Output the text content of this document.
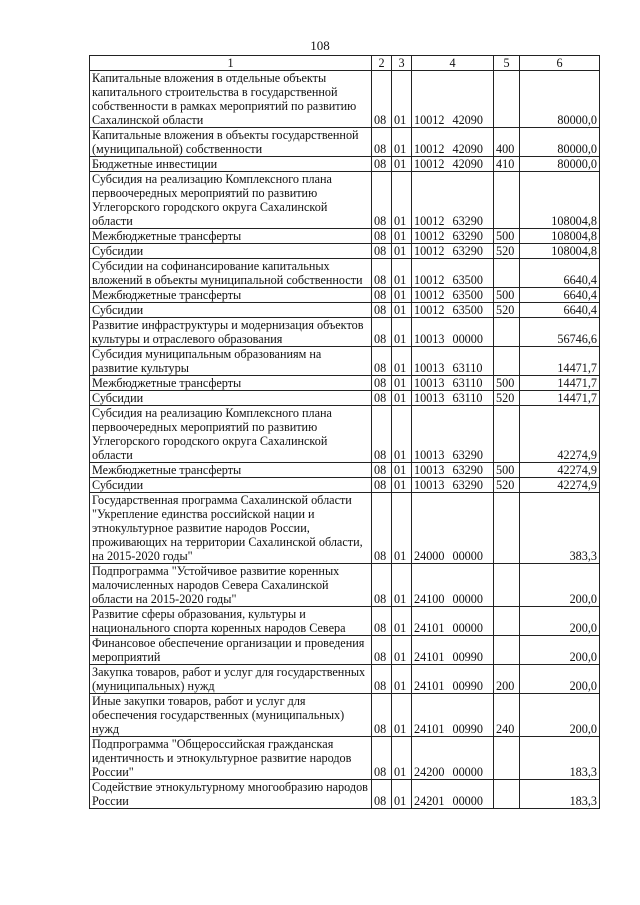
108
1	2	3	4	5	6
Капитальные вложения в отдельные объекты капитального строительства в государственной собственности в рамках мероприятий по развитию Сахалинской области	08	01	10012 42090		80000,0
Капитальные вложения в объекты государственной (муниципальной) собственности	08	01	10012 42090	400	80000,0
Бюджетные инвестиции	08	01	10012 42090	410	80000,0
Субсидия на реализацию Комплексного плана первоочередных мероприятий по развитию Углегорского городского округа Сахалинской области	08	01	10012 63290		108004,8
Межбюджетные трансферты	08	01	10012 63290	500	108004,8
Субсидии	08	01	10012 63290	520	108004,8
Субсидии на софинансирование капитальных вложений в объекты муниципальной собственности	08	01	10012 63500		6640,4
Межбюджетные трансферты	08	01	10012 63500	500	6640,4
Субсидии	08	01	10012 63500	520	6640,4
Развитие инфраструктуры и модернизация объектов культуры и отраслевого образования	08	01	10013 00000		56746,6
Субсидия муниципальным образованиям на развитие культуры	08	01	10013 63110		14471,7
Межбюджетные трансферты	08	01	10013 63110	500	14471,7
Субсидии	08	01	10013 63110	520	14471,7
Субсидия на реализацию Комплексного плана первоочередных мероприятий по развитию Углегорского городского округа Сахалинской области	08	01	10013 63290		42274,9
Межбюджетные трансферты	08	01	10013 63290	500	42274,9
Субсидии	08	01	10013 63290	520	42274,9
Государственная программа Сахалинской области "Укрепление единства российской нации и этнокультурное развитие народов России, проживающих на территории Сахалинской области, на 2015-2020 годы"	08	01	24000 00000		383,3
Подпрограмма "Устойчивое развитие коренных малочисленных народов Севера Сахалинской области на 2015-2020 годы"	08	01	24100 00000		200,0
Развитие сферы образования, культуры и национального спорта коренных народов Севера	08	01	24101 00000		200,0
Финансовое обеспечение организации и проведения мероприятий	08	01	24101 00990		200,0
Закупка товаров, работ и услуг для государственных (муниципальных) нужд	08	01	24101 00990	200	200,0
Иные закупки товаров, работ и услуг для обеспечения государственных (муниципальных) нужд	08	01	24101 00990	240	200,0
Подпрограмма "Общероссийская гражданская идентичность и этнокультурное развитие народов России"	08	01	24200 00000		183,3
Содействие этнокультурному многообразию народов России	08	01	24201 00000		183,3
